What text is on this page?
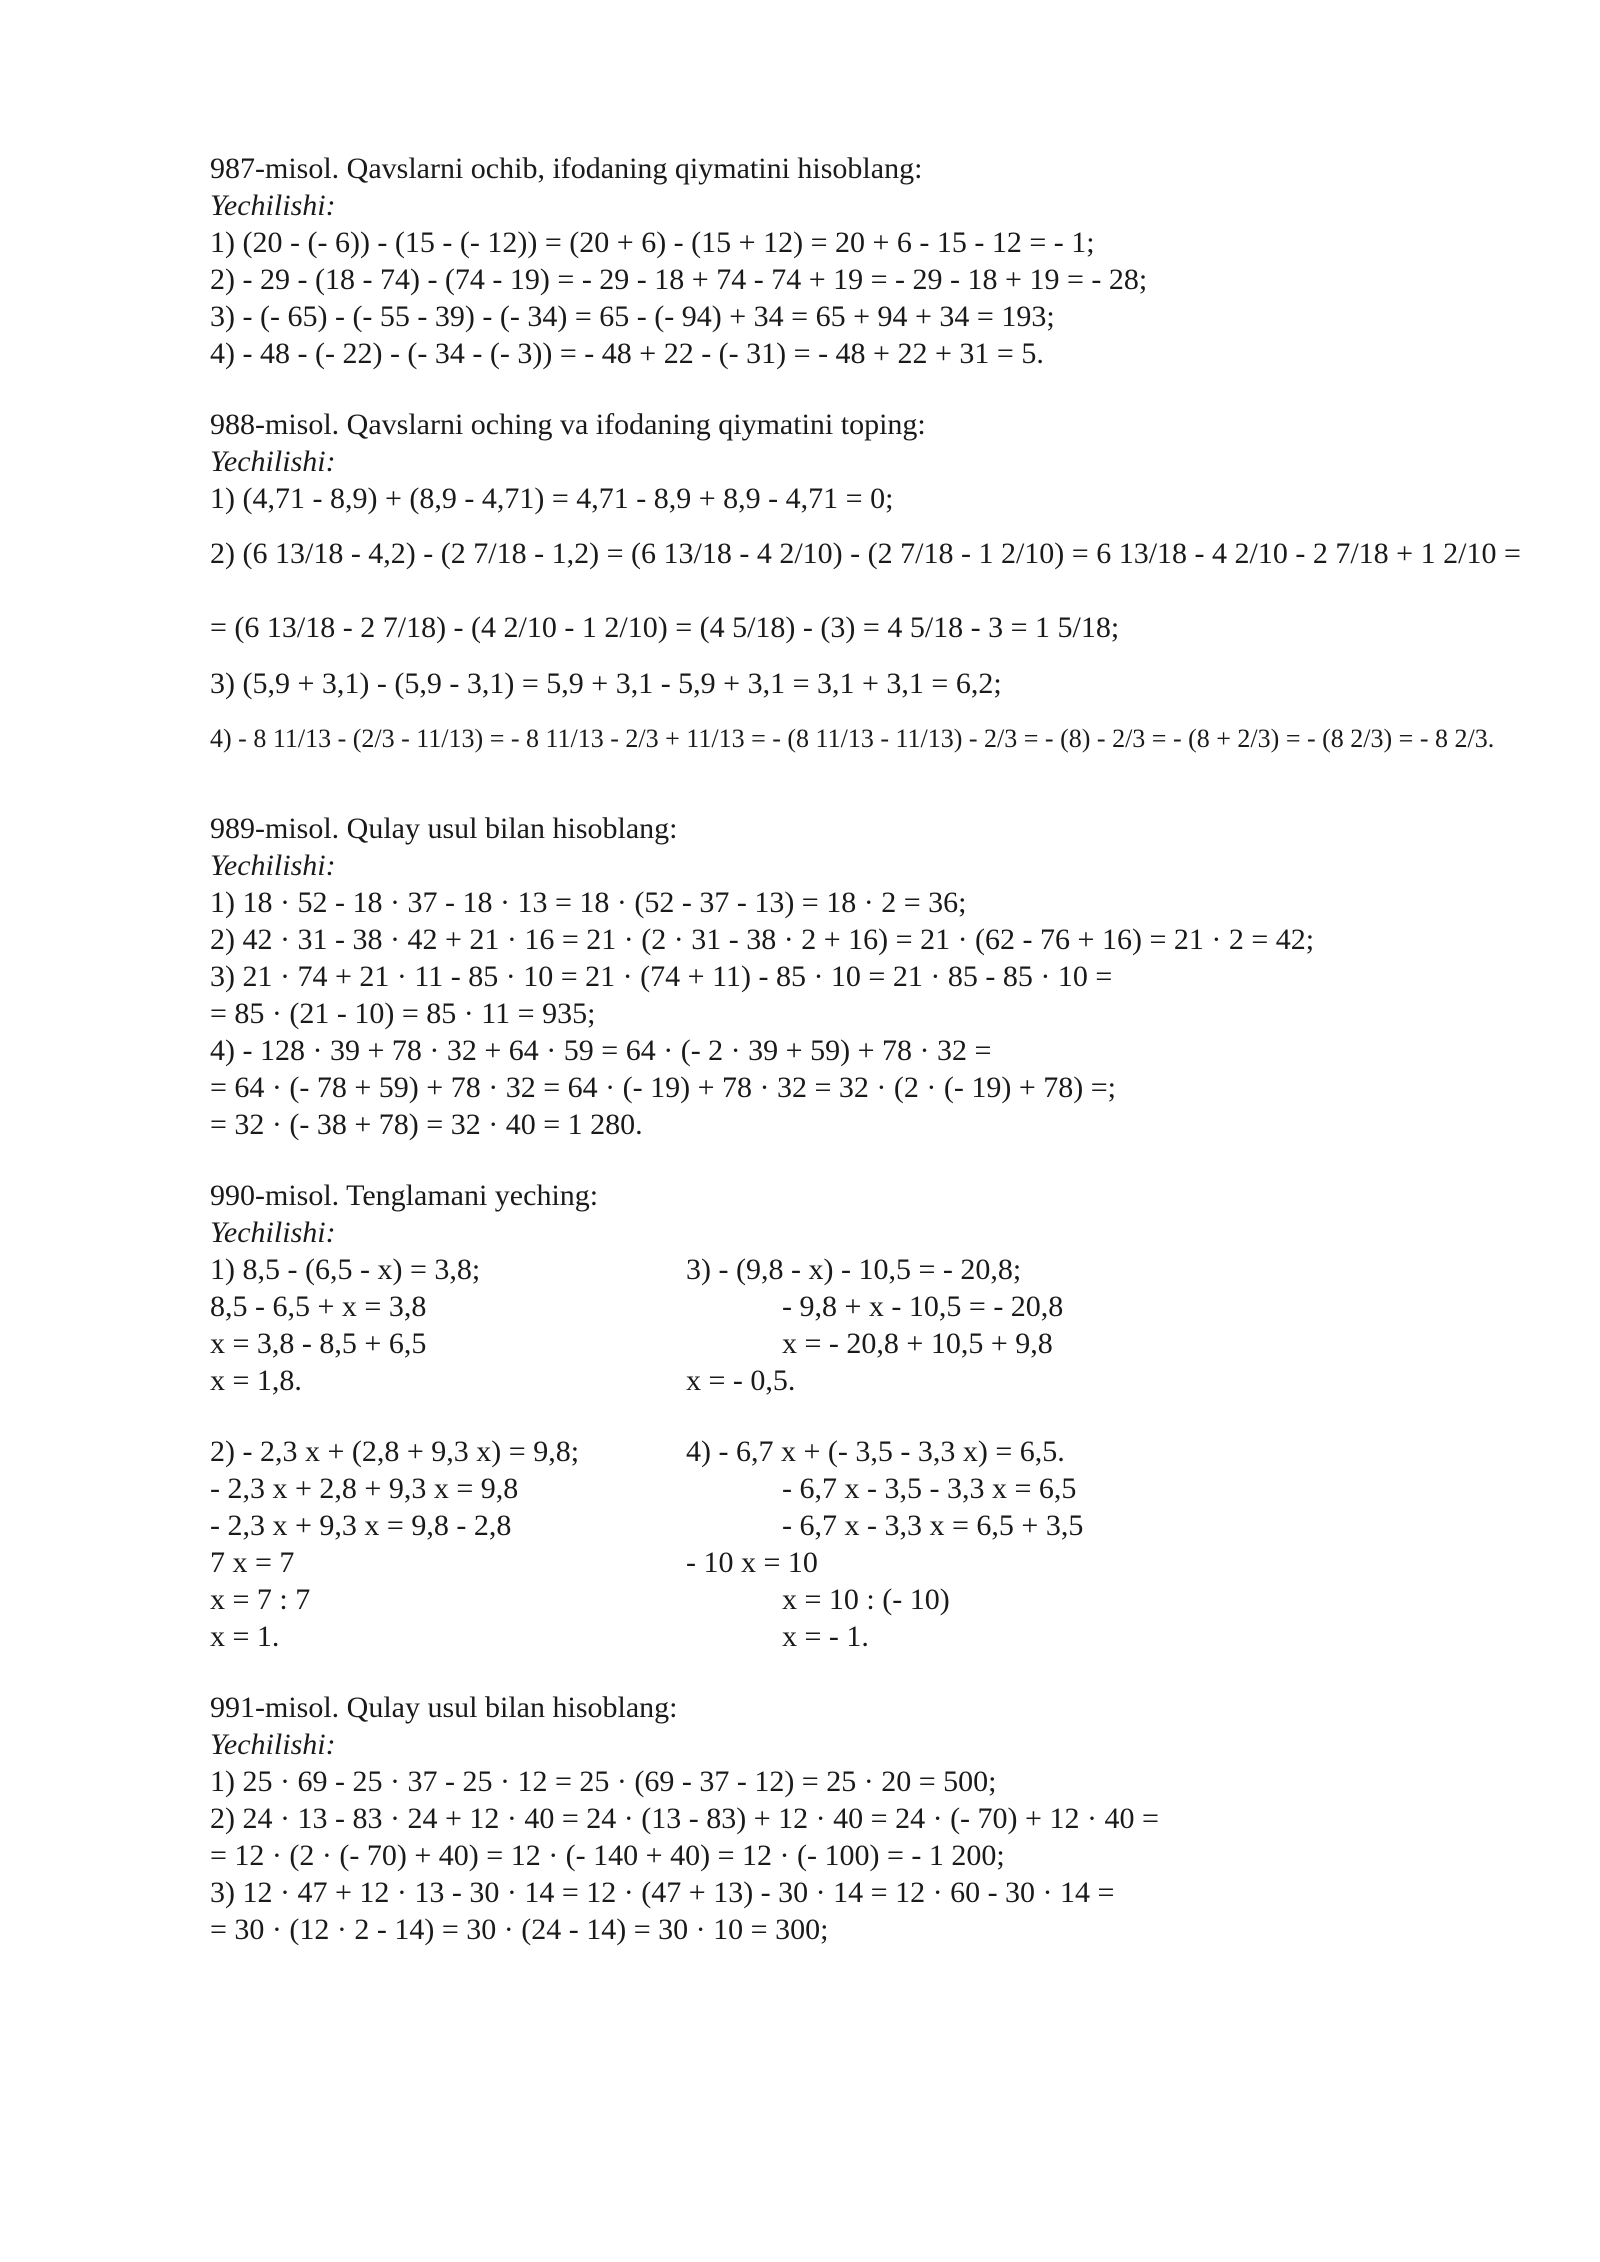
987-misol. Qavslarni ochib, ifodaning qiymatini hisoblang:
Yechilishi:
1) (20 - (- 6)) - (15 - (- 12)) = (20 + 6) - (15 + 12) = 20 + 6 - 15 - 12 = - 1;
2) - 29 - (18 - 74) - (74 - 19) = - 29 - 18 + 74 - 74 + 19 = - 29 - 18 + 19 = - 28;
3) - (- 65) - (- 55 - 39) - (- 34) = 65 - (- 94) + 34 = 65 + 94 + 34 = 193;
4) - 48 - (- 22) - (- 34 - (- 3)) = - 48 + 22 - (- 31) = - 48 + 22 + 31 = 5.
988-misol. Qavslarni oching va ifodaning qiymatini toping:
Yechilishi:
1) (4,71 - 8,9) + (8,9 - 4,71) = 4,71 - 8,9 + 8,9 - 4,71 = 0;
2) (6 13/18 - 4,2) - (2 7/18 - 1,2) = (6 13/18 - 4 2/10) - (2 7/18 - 1 2/10) = 6 13/18 - 4 2/10 - 2 7/18 + 1 2/10 =
= (6 13/18 - 2 7/18) - (4 2/10 - 1 2/10) = (4 5/18) - (3) = 4 5/18 - 3 = 1 5/18;
3) (5,9 + 3,1) - (5,9 - 3,1) = 5,9 + 3,1 - 5,9 + 3,1 = 3,1 + 3,1 = 6,2;
4) - 8 11/13 - (2/3 - 11/13) = - 8 11/13 - 2/3 + 11/13 = - (8 11/13 - 11/13) - 2/3 = - (8) - 2/3 = - (8 + 2/3) = - (8 2/3) = - 8 2/3.
989-misol. Qulay usul bilan hisoblang:
Yechilishi:
1) 18 · 52 - 18 · 37 - 18 · 13 = 18 · (52 - 37 - 13) = 18 · 2 = 36;
2) 42 · 31 - 38 · 42 + 21 · 16 = 21 · (2 · 31 - 38 · 2 + 16) = 21 · (62 - 76 + 16) = 21 · 2 = 42;
3) 21 · 74 + 21 · 11 - 85 · 10 = 21 · (74 + 11) - 85 · 10 = 21 · 85 - 85 · 10 =
= 85 · (21 - 10) = 85 · 11 = 935;
4) - 128 · 39 + 78 · 32 + 64 · 59 = 64 · (- 2 · 39 + 59) + 78 · 32 =
= 64 · (- 78 + 59) + 78 · 32 = 64 · (- 19) + 78 · 32 = 32 · (2 · (- 19) + 78) =;
= 32 · (- 38 + 78) = 32 · 40 = 1 280.
990-misol. Tenglamani yeching:
Yechilishi:
1) 8,5 - (6,5 - x) = 3,8;
8,5 - 6,5 + x = 3,8
x = 3,8 - 8,5 + 6,5
x = 1,8.
3) - (9,8 - x) - 10,5 = - 20,8;
- 9,8 + x - 10,5 = - 20,8
x = - 20,8 + 10,5 + 9,8
x = - 0,5.
2) - 2,3 x + (2,8 + 9,3 x) = 9,8;
- 2,3 x + 2,8 + 9,3 x = 9,8
- 2,3 x + 9,3 x = 9,8 - 2,8
7 x = 7
x = 7 : 7
x = 1.
4) - 6,7 x + (- 3,5 - 3,3 x) = 6,5.
- 6,7 x - 3,5 - 3,3 x = 6,5
- 6,7 x - 3,3 x = 6,5 + 3,5
- 10 x = 10
x = 10 : (- 10)
x = - 1.
991-misol. Qulay usul bilan hisoblang:
Yechilishi:
1) 25 · 69 - 25 · 37 - 25 · 12 = 25 · (69 - 37 - 12) = 25 · 20 = 500;
2) 24 · 13 - 83 · 24 + 12 · 40 = 24 · (13 - 83) + 12 · 40 = 24 · (- 70) + 12 · 40 =
= 12 · (2 · (- 70) + 40) = 12 · (- 140 + 40) = 12 · (- 100) = - 1 200;
3) 12 · 47 + 12 · 13 - 30 · 14 = 12 · (47 + 13) - 30 · 14 = 12 · 60 - 30 · 14 =
= 30 · (12 · 2 - 14) = 30 · (24 - 14) = 30 · 10 = 300;
